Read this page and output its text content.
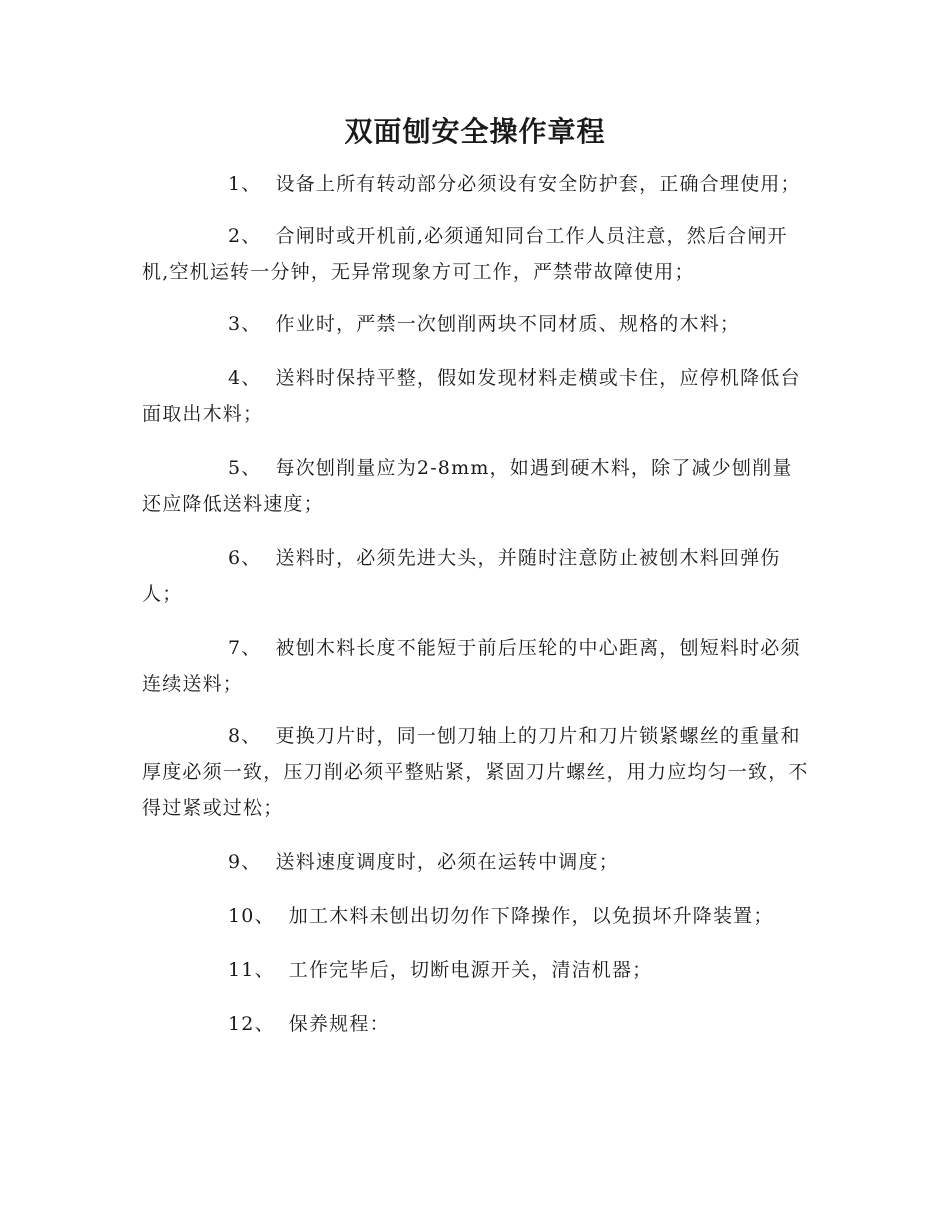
双面刨安全操作章程
1、 设备上所有转动部分必须设有安全防护套，正确合理使用；
2、 合闸时或开机前,必须通知同台工作人员注意，然后合闸开机,空机运转一分钟，无异常现象方可工作，严禁带故障使用；
3、 作业时，严禁一次刨削两块不同材质、规格的木料；
4、 送料时保持平整，假如发现材料走横或卡住，应停机降低台面取出木料；
5、 每次刨削量应为2-8mm，如遇到硬木料，除了减少刨削量还应降低送料速度；
6、 送料时，必须先进大头，并随时注意防止被刨木料回弹伤人；
7、 被刨木料长度不能短于前后压轮的中心距离，刨短料时必须连续送料；
8、 更换刀片时，同一刨刀轴上的刀片和刀片锁紧螺丝的重量和厚度必须一致，压刀削必须平整贴紧，紧固刀片螺丝，用力应均匀一致，不得过紧或过松；
9、 送料速度调度时，必须在运转中调度；
10、 加工木料未刨出切勿作下降操作，以免损坏升降装置；
11、 工作完毕后，切断电源开关，清洁机器；
12、 保养规程：
